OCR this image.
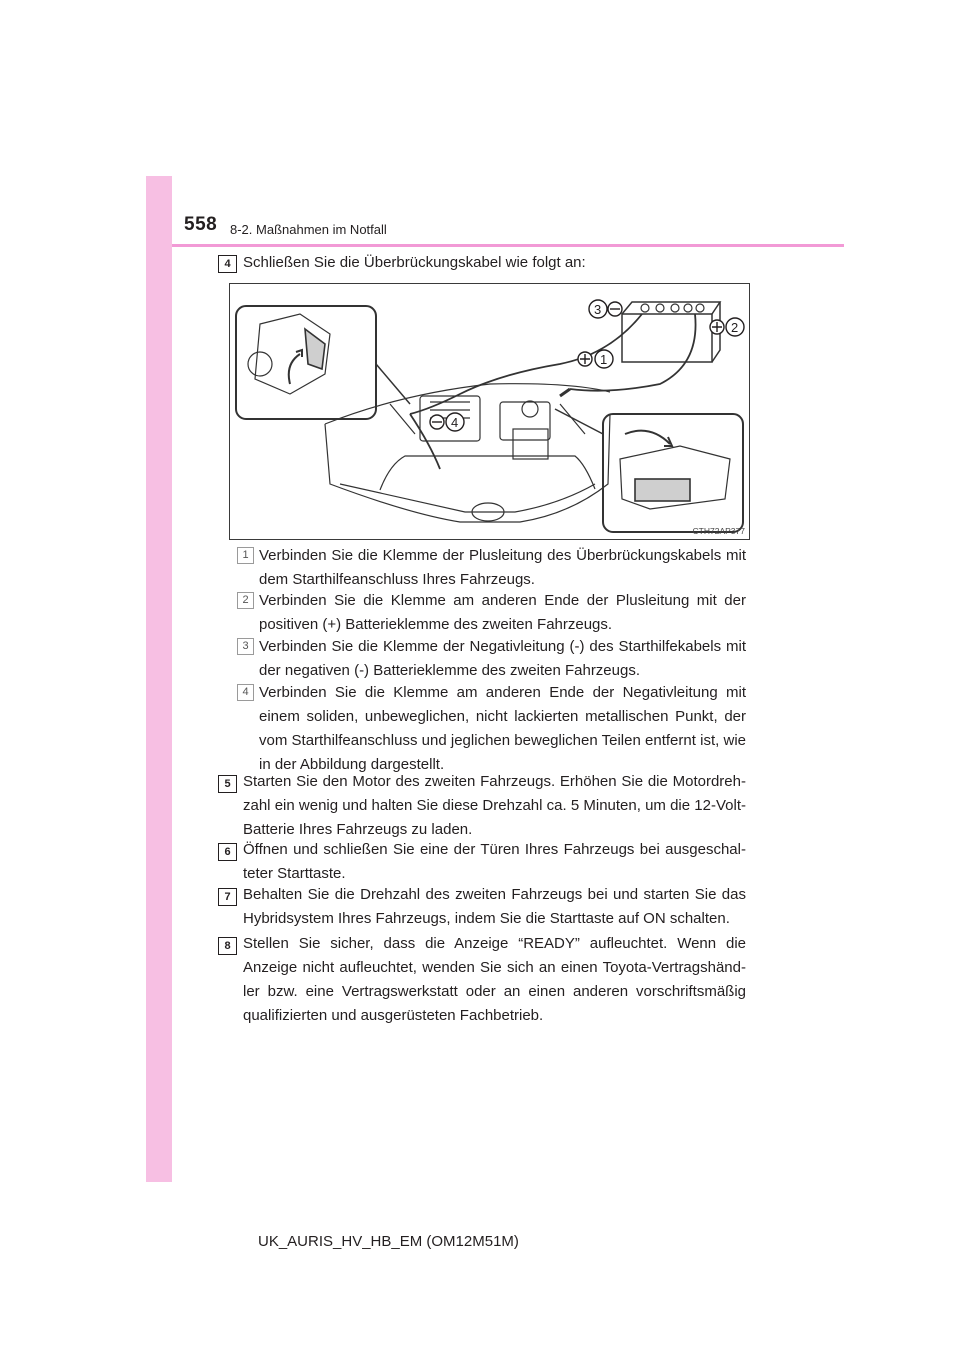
558 8-2. Maßnahmen im Notfall
4 Schließen Sie die Überbrückungskabel wie folgt an:
3
2
1
4
CTH72AP377
1 Verbinden Sie die Klemme der Plusleitung des Überbrückungskabels mit dem Starthilfeanschluss Ihres Fahrzeugs.
2 Verbinden Sie die Klemme am anderen Ende der Plusleitung mit der positiven (+) Batterieklemme des zweiten Fahrzeugs.
3 Verbinden Sie die Klemme der Negativleitung (-) des Starthilfekabels mit der negativen (-) Batterieklemme des zweiten Fahrzeugs.
4 Verbinden Sie die Klemme am anderen Ende der Negativleitung mit einem soliden, unbeweglichen, nicht lackierten metallischen Punkt, der vom Starthilfeanschluss und jeglichen beweglichen Teilen entfernt ist, wie in der Abbildung dargestellt.
5 Starten Sie den Motor des zweiten Fahrzeugs. Erhöhen Sie die Motordrehzahl ein wenig und halten Sie diese Drehzahl ca. 5 Minuten, um die 12-Volt-Batterie Ihres Fahrzeugs zu laden.
6 Öffnen und schließen Sie eine der Türen Ihres Fahrzeugs bei ausgeschalteter Starttaste.
7 Behalten Sie die Drehzahl des zweiten Fahrzeugs bei und starten Sie das Hybridsystem Ihres Fahrzeugs, indem Sie die Starttaste auf ON schalten.
8 Stellen Sie sicher, dass die Anzeige “READY” aufleuchtet. Wenn die Anzeige nicht aufleuchtet, wenden Sie sich an einen Toyota-Vertragshändler bzw. eine Vertragswerkstatt oder an einen anderen vorschriftsmäßig qualifizierten und ausgerüsteten Fachbetrieb.
UK_AURIS_HV_HB_EM (OM12M51M)
